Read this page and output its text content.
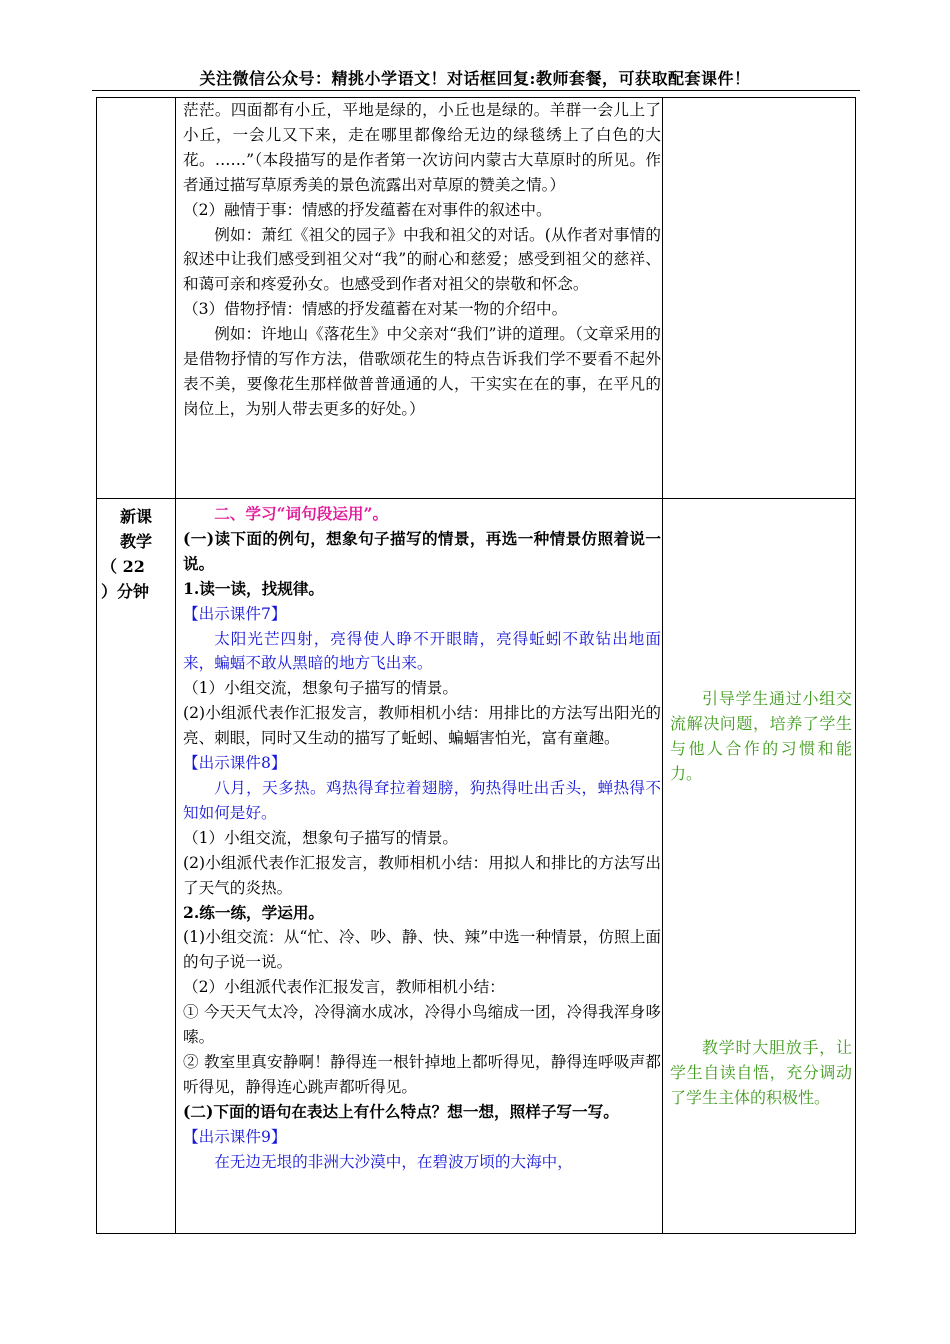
关注微信公众号：精挑小学语文！对话框回复:教师套餐，可获取配套课件！

茫茫。四面都有小丘，平地是绿的，小丘也是绿的。羊群一会儿上了小丘，一会儿又下来，走在哪里都像给无边的绿毯绣上了白色的大花。……”（本段描写的是作者第一次访问内蒙古大草原时的所见。作者通过描写草原秀美的景色流露出对草原的赞美之情。）

（2）融情于事：情感的抒发蕴蓄在对事件的叙述中。

例如：萧红《祖父的园子》中我和祖父的对话。(从作者对事情的叙述中让我们感受到祖父对“我”的耐心和慈爱；感受到祖父的慈祥、和蔼可亲和疼爱孙女。也感受到作者对祖父的崇敬和怀念。

（3）借物抒情：情感的抒发蕴蓄在对某一物的介绍中。

例如：许地山《落花生》中父亲对“我们”讲的道理。（文章采用的是借物抒情的写作方法，借歌颂花生的特点告诉我们学不要看不起外表不美，要像花生那样做普普通通的人，干实实在在的事，在平凡的岗位上，为别人带去更多的好处。）

新课

教学

（ 22

）分钟

二、学习“词句段运用”。

(一)读下面的例句，想象句子描写的情景，再选一种情景仿照着说一说。

1.读一读，找规律。

【出示课件7】

太阳光芒四射，亮得使人睁不开眼睛，亮得蚯蚓不敢钻出地面来，蝙蝠不敢从黑暗的地方飞出来。

（1）小组交流，想象句子描写的情景。

(2)小组派代表作汇报发言，教师相机小结：用排比的方法写出阳光的亮、刺眼，同时又生动的描写了蚯蚓、蝙蝠害怕光，富有童趣。

【出示课件8】

八月，天多热。鸡热得耷拉着翅膀，狗热得吐出舌头，蝉热得不知如何是好。

（1）小组交流，想象句子描写的情景。

(2)小组派代表作汇报发言，教师相机小结：用拟人和排比的方法写出了天气的炎热。

2.练一练，学运用。

(1)小组交流：从“忙、冷、吵、静、快、辣”中选一种情景，仿照上面的句子说一说。

（2）小组派代表作汇报发言，教师相机小结：

① 今天天气太冷，冷得滴水成冰，冷得小鸟缩成一团，冷得我浑身哆嗦。

② 教室里真安静啊！静得连一根针掉地上都听得见，静得连呼吸声都听得见，静得连心跳声都听得见。

(二)下面的语句在表达上有什么特点？想一想，照样子写一写。

【出示课件9】

在无边无垠的非洲大沙漠中，在碧波万顷的大海中，

引导学生通过小组交流解决问题，培养了学生与他人合作的习惯和能力。

教学时大胆放手，让学生自读自悟，充分调动了学生主体的积极性。
